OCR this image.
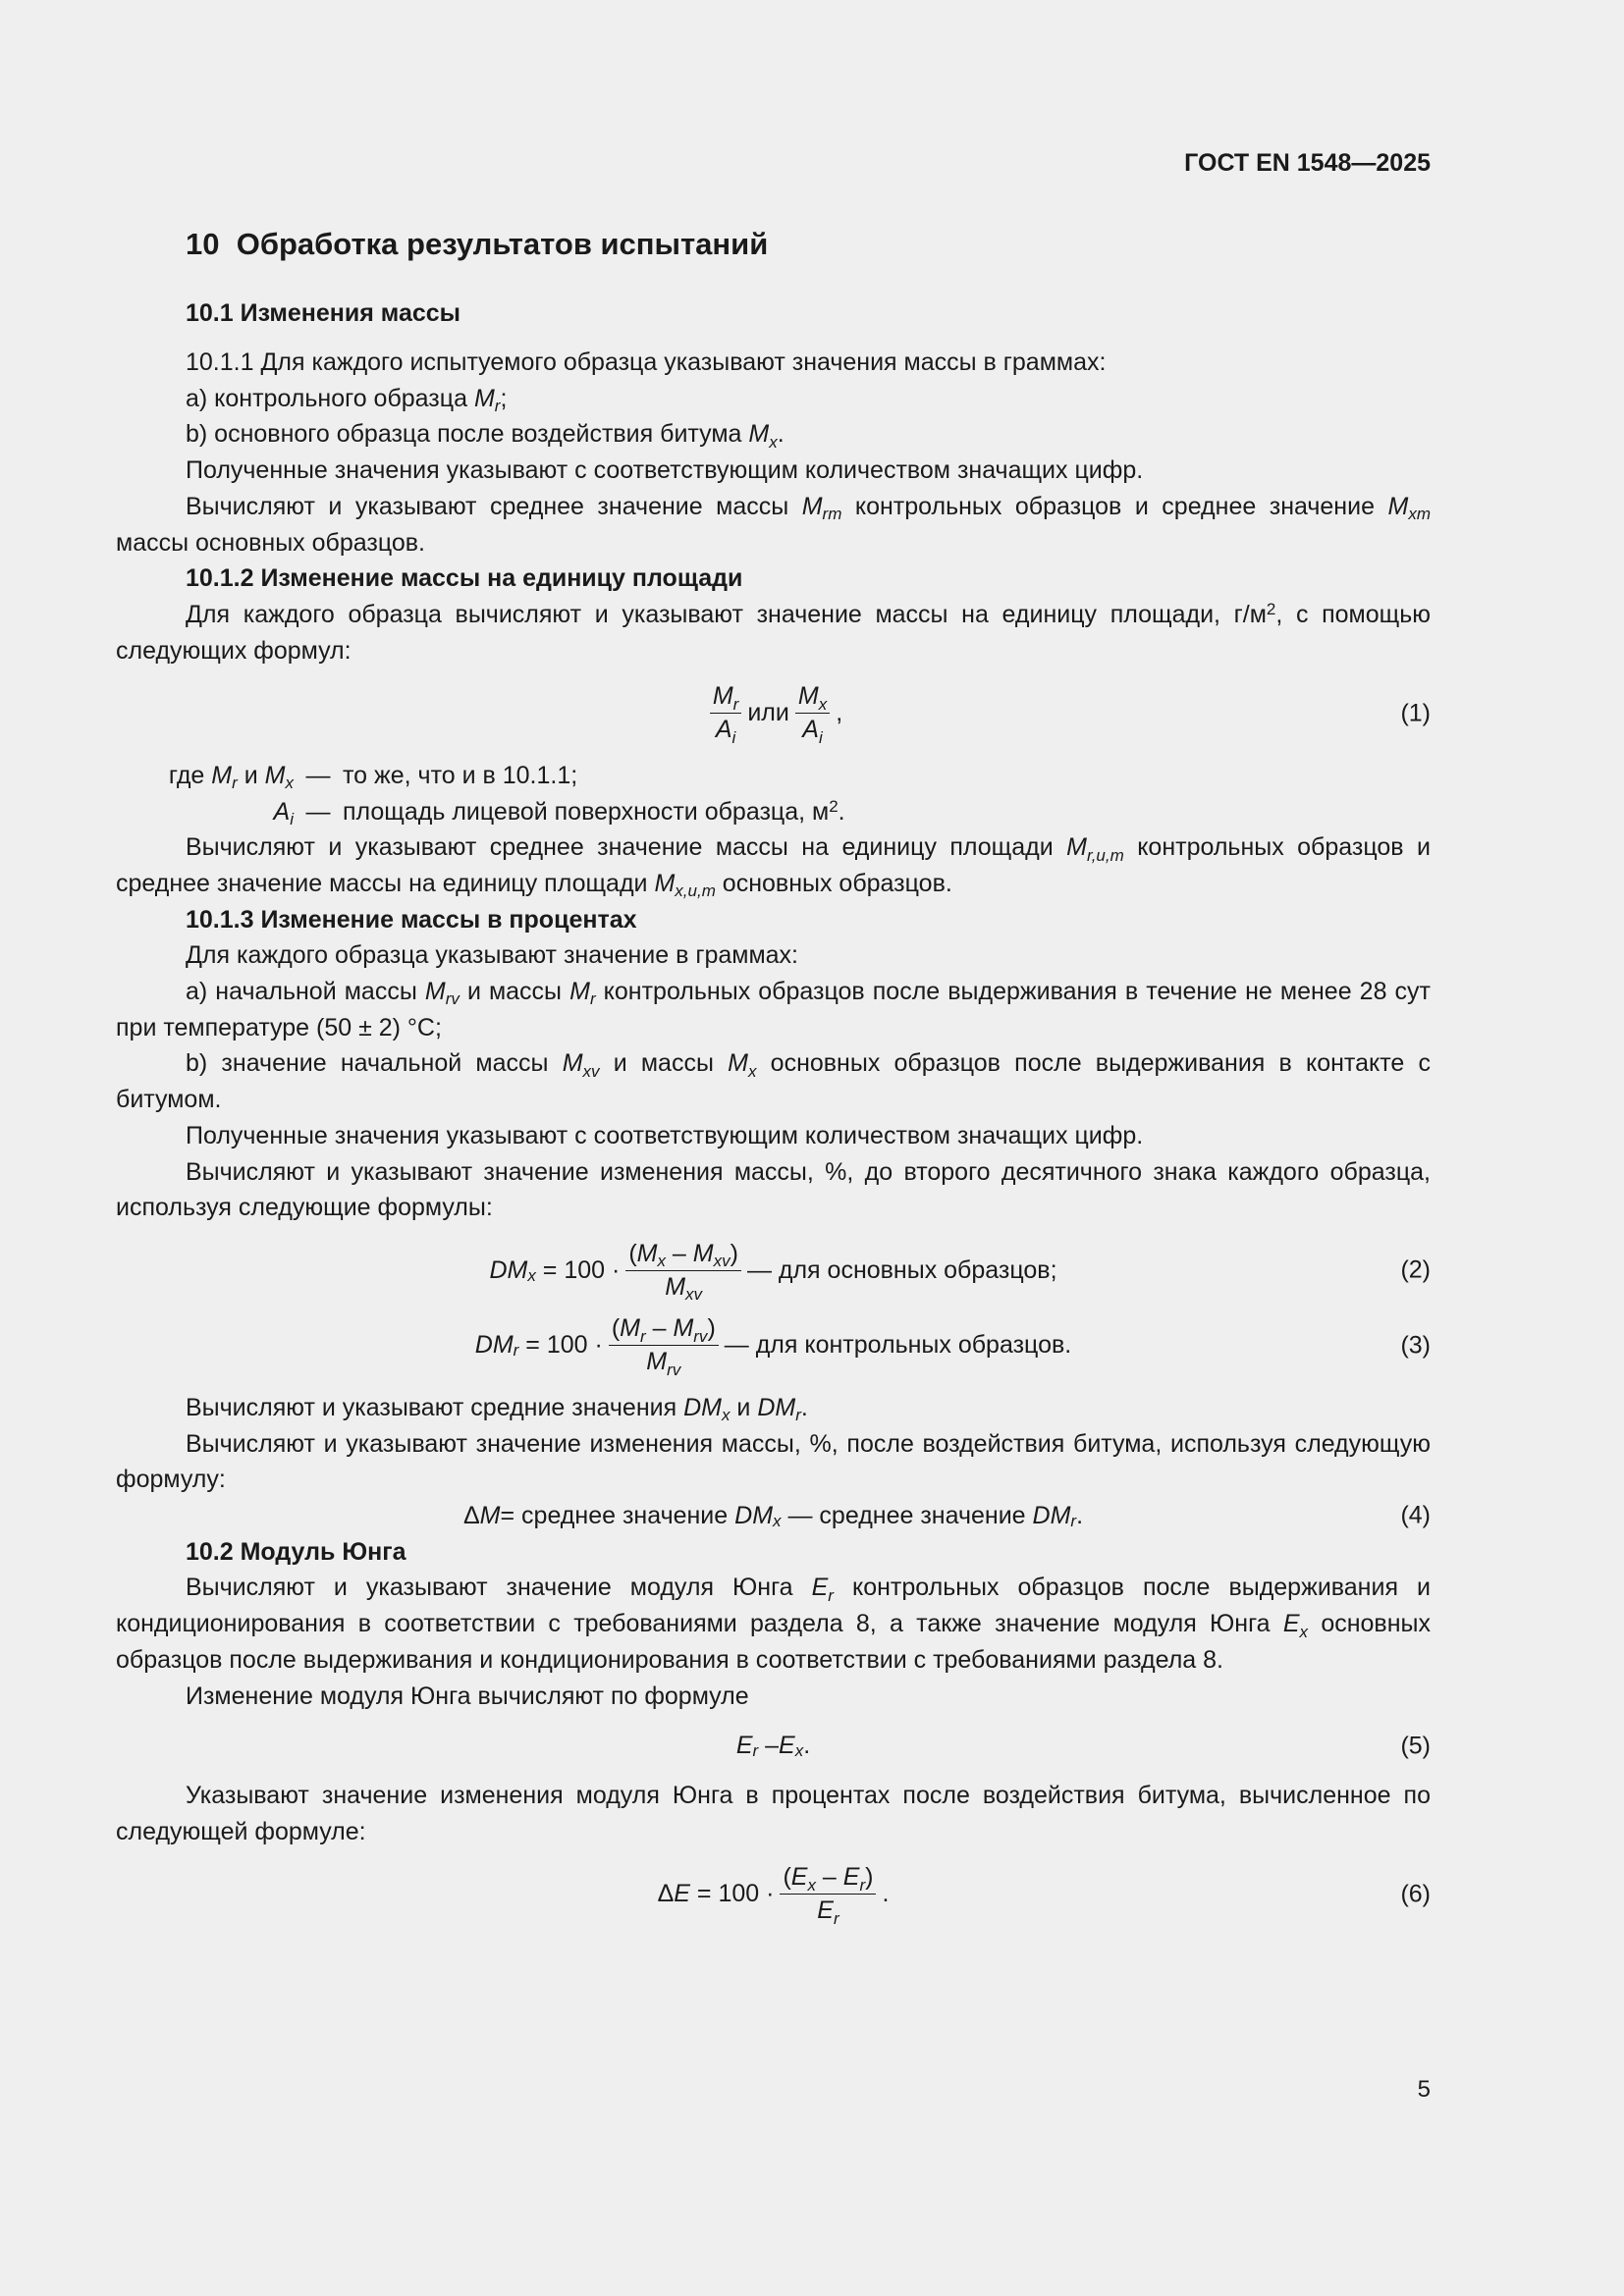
ГОСТ EN 1548—2025
10 Обработка результатов испытаний
10.1 Изменения массы

10.1.1 Для каждого испытуемого образца указывают значения массы в граммах:

а) контрольного образца $M_r$;

b) основного образца после воздействия битума $M_x$.

Полученные значения указывают с соответствующим количеством значащих цифр.

Вычисляют и указывают среднее значение массы $M_{rm}$ контрольных образцов и среднее значение $M_{xm}$ массы основных образцов.

10.1.2 Изменение массы на единицу площади

Для каждого образца вычисляют и указывают значение массы на единицу площади, $г/м^2$, с помощью следующих формул:

$\frac{M_r}{A_i}$ или $\frac{M_x}{A_i}$ ,	(1)
где $M_r$ и $M_x$ — то же, что и в 10.1.1;
$A_i$ — площадь лицевой поверхности образца, $м^2$.

Вычисляют и указывают среднее значение массы на единицу площади $M_{r,u,m}$ контрольных образцов и среднее значение массы на единицу площади $M_{x,u,m}$ основных образцов.

10.1.3 Изменение массы в процентах

Для каждого образца указывают значение в граммах:

а) начальной массы $M_{rv}$ и массы $M_r$ контрольных образцов после выдерживания в течение не менее 28 сут при температуре (50 ± 2) °С;

b) значение начальной массы $M_{xv}$ и массы $M_x$ основных образцов после выдерживания в контакте с битумом.

Полученные значения указывают с соответствующим количеством значащих цифр.

Вычисляют и указывают значение изменения массы, %, до второго десятичного знака каждого образца, используя следующие формулы:

$DM_x = 100 \cdot \frac{(M_x - M_{xv})}{M_{xv}}$ — для основных образцов;	(2)
$DM_r = 100 \cdot \frac{(M_r - M_{rv})}{M_{rv}}$ — для контрольных образцов.	(3)

Вычисляют и указывают средние значения $DM_x$ и $DM_r$.

Вычисляют и указывают значение изменения массы, %, после воздействия битума, используя следующую формулу:

Δ M = среднее значение
$DM_x$
— среднее значение
$DM_r$ .	(4)

10.2 Модуль Юнга

Вычисляют и указывают значение модуля Юнга $E_r$ контрольных образцов после выдерживания и кондиционирования в соответствии с требованиями раздела 8, а также значение модуля Юнга $E_x$ основных образцов после выдерживания и кондиционирования в соответствии с требованиями раздела 8.

Изменение модуля Юнга вычисляют по формуле

$E_r - E_x$ .	(5)

Указывают значение изменения модуля Юнга в процентах после воздействия битума, вычисленное по следующей формуле:

Δ $E = 100 \cdot \frac{(E_x - E_r)}{E_r}$ .	(6)
5
